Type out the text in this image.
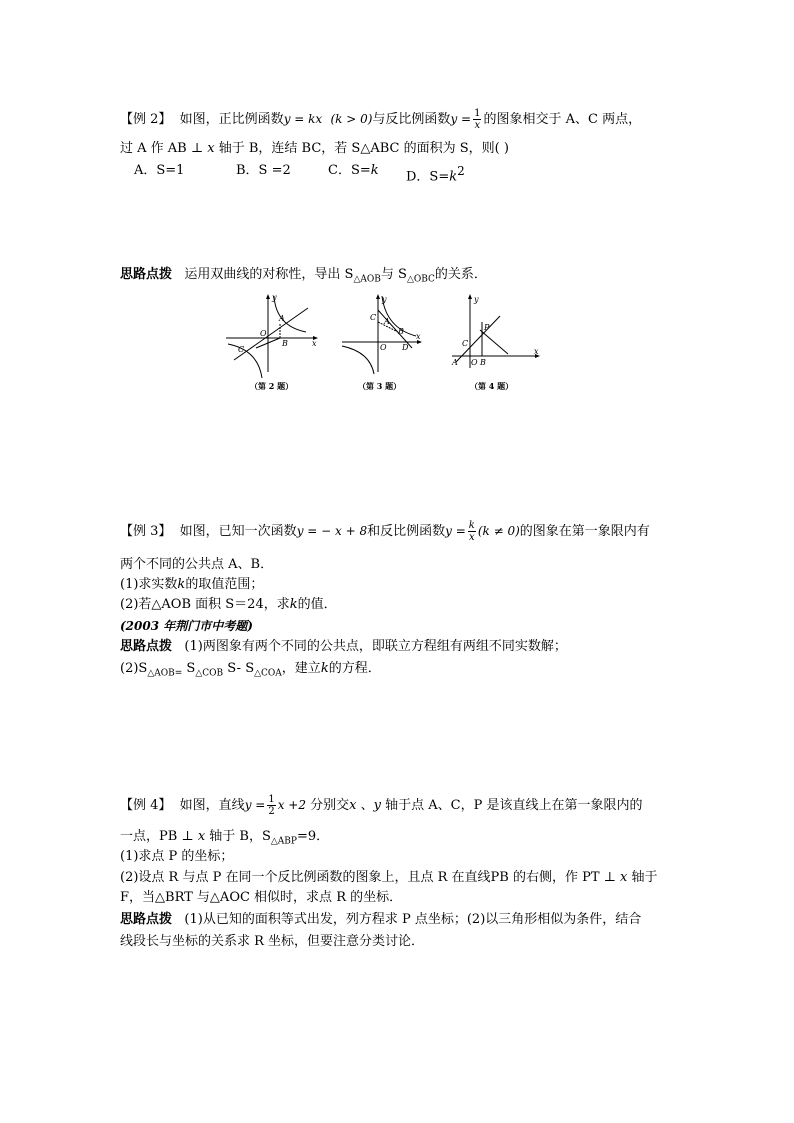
【例 2】 如图，正比例函数y = kx (k > 0)与反比例函数$y = \frac{1}{x}$ 的图象相交于 A、C 两点，
过 A 作 AB ⊥ x 轴于 B，连结 BC，若 S△ABC 的面积为 S，则( )
A．S=1	B．S =2	C．S=k D．$S=k^2$
思路点拨 运用双曲线的对称性，导出 $S_{\triangle AOB}$与 $S_{\triangle OBC}$的关系．
y
x
A
O
B
C
（第 2 题）
y
x
C A
B
O D
（第 3 题）
y
x
P
C
A O B
（第 4 题）
【例 3】 如图，已知一次函数y = − x + 8和反比例函数$y = \frac{k}{x} (k \ne 0)$的图象在第一象限内有
两个不同的公共点 A、B．
(1)求实数k的取值范围；
(2)若△AOB 面积 S＝24，求k的值．
(2003 年荆门市中考题)
思路点拨 (1)两图象有两个不同的公共点，即联立方程组有两组不同实数解；
$(2)S_{\triangle AOB=}$ $S_{\triangle COB}$ S- $S_{\triangle COA}$，建立k的方程．
【例 4】 如图，直线$y = \frac{1}{2}$ x +2 分别交x 、y 轴于点 A、C，P 是该直线上在第一象限内的
一点，PB ⊥ x 轴于 B，$S_{\triangle ABP}=9$．
(1)求点 P 的坐标；
(2)设点 R 与点 P 在同一个反比例函数的图象上，且点 R 在直线PB 的右侧，作 PT ⊥ x 轴于
F，当△BRT 与△AOC 相似时，求点 R 的坐标．
思路点拨 (1)从已知的面积等式出发，列方程求 P 点坐标；(2)以三角形相似为条件，结合
线段长与坐标的关系求 R 坐标，但要注意分类讨论．
